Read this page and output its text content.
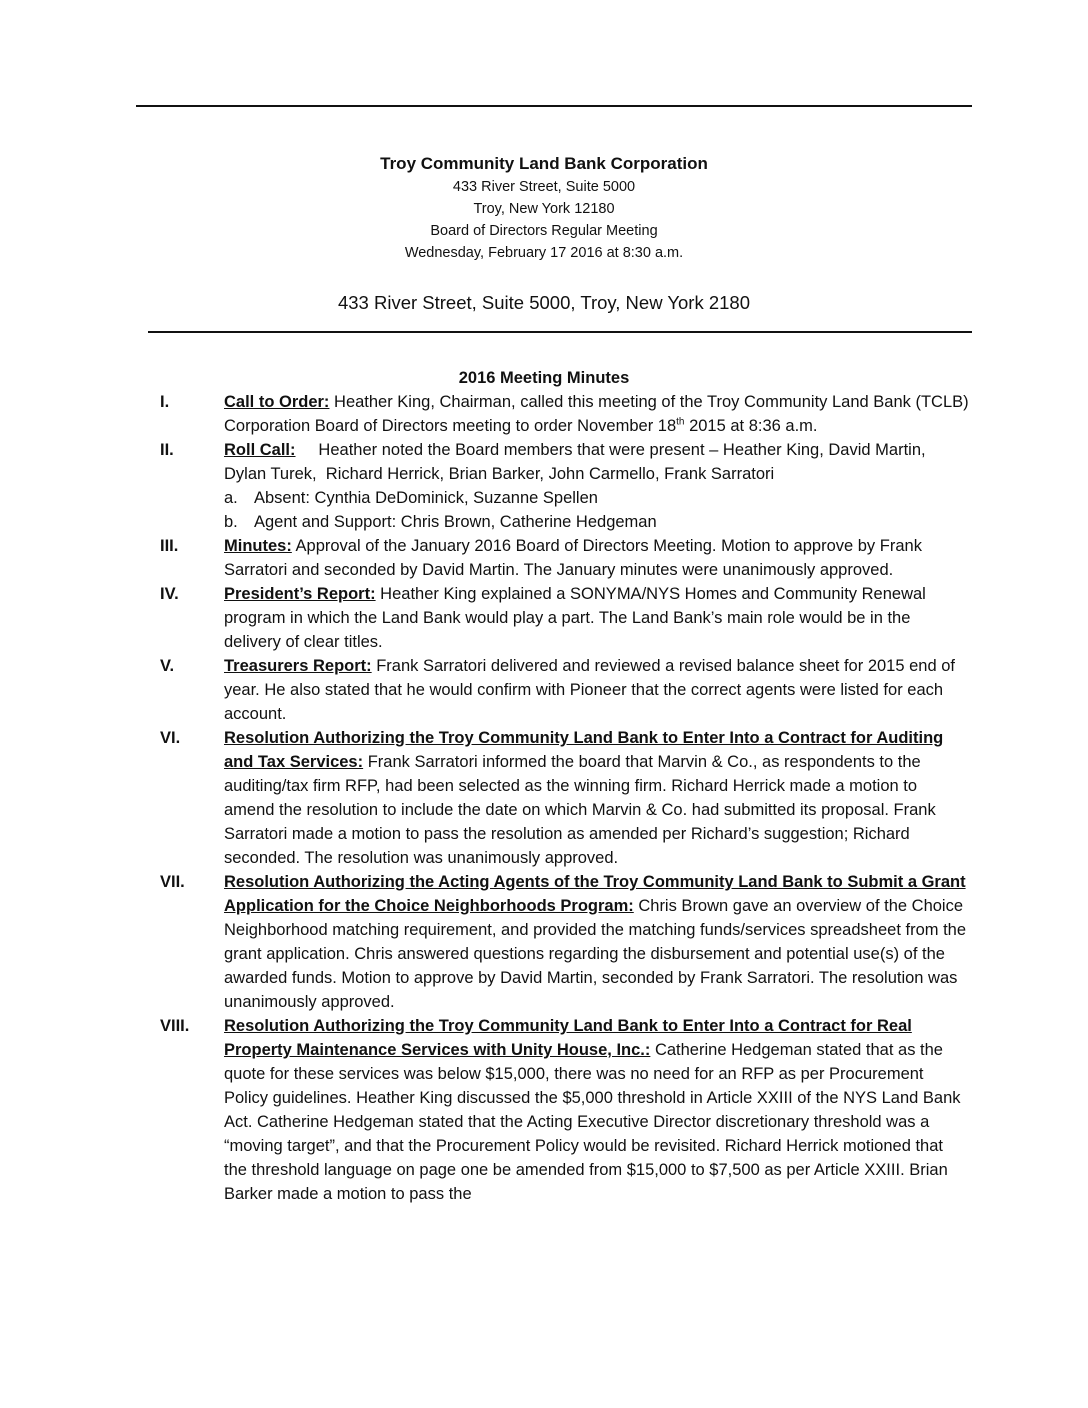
Troy Community Land Bank Corporation
433 River Street, Suite 5000
Troy, New York 12180
Board of Directors Regular Meeting
Wednesday, February 17 2016 at 8:30 a.m.
433 River Street, Suite 5000, Troy, New York 2180
2016 Meeting Minutes
I.	Call to Order: Heather King, Chairman, called this meeting of the Troy Community Land Bank (TCLB) Corporation Board of Directors meeting to order November 18th 2015 at 8:36 a.m.
II.	Roll Call:     Heather noted the Board members that were present – Heather King, David Martin, Dylan Turek,  Richard Herrick, Brian Barker, John Carmello, Frank Sarratori
a. Absent: Cynthia DeDominick, Suzanne Spellen
b. Agent and Support: Chris Brown, Catherine Hedgeman
III.	Minutes: Approval of the January 2016 Board of Directors Meeting. Motion to approve by Frank Sarratori and seconded by David Martin. The January minutes were unanimously approved.
IV.	President’s Report: Heather King explained a SONYMA/NYS Homes and Community Renewal program in which the Land Bank would play a part. The Land Bank’s main role would be in the delivery of clear titles.
V.	Treasurers Report: Frank Sarratori delivered and reviewed a revised balance sheet for 2015 end of year. He also stated that he would confirm with Pioneer that the correct agents were listed for each account.
VI.	Resolution Authorizing the Troy Community Land Bank to Enter Into a Contract for Auditing and Tax Services: Frank Sarratori informed the board that Marvin & Co., as respondents to the auditing/tax firm RFP, had been selected as the winning firm. Richard Herrick made a motion to amend the resolution to include the date on which Marvin & Co. had submitted its proposal. Frank Sarratori made a motion to pass the resolution as amended per Richard’s suggestion; Richard seconded. The resolution was unanimously approved.
VII. Resolution Authorizing the Acting Agents of the Troy Community Land Bank to Submit a Grant Application for the Choice Neighborhoods Program: Chris Brown gave an overview of the Choice Neighborhood matching requirement, and provided the matching funds/services spreadsheet from the grant application. Chris answered questions regarding the disbursement and potential use(s) of the awarded funds. Motion to approve by David Martin, seconded by Frank Sarratori. The resolution was unanimously approved.
VIII. Resolution Authorizing the Troy Community Land Bank to Enter Into a Contract for Real Property Maintenance Services with Unity House, Inc.: Catherine Hedgeman stated that as the quote for these services was below $15,000, there was no need for an RFP as per Procurement Policy guidelines. Heather King discussed the $5,000 threshold in Article XXIII of the NYS Land Bank Act. Catherine Hedgeman stated that the Acting Executive Director discretionary threshold was a “moving target”, and that the Procurement Policy would be revisited. Richard Herrick motioned that the threshold language on page one be amended from $15,000 to $7,500 as per Article XXIII. Brian Barker made a motion to pass the
